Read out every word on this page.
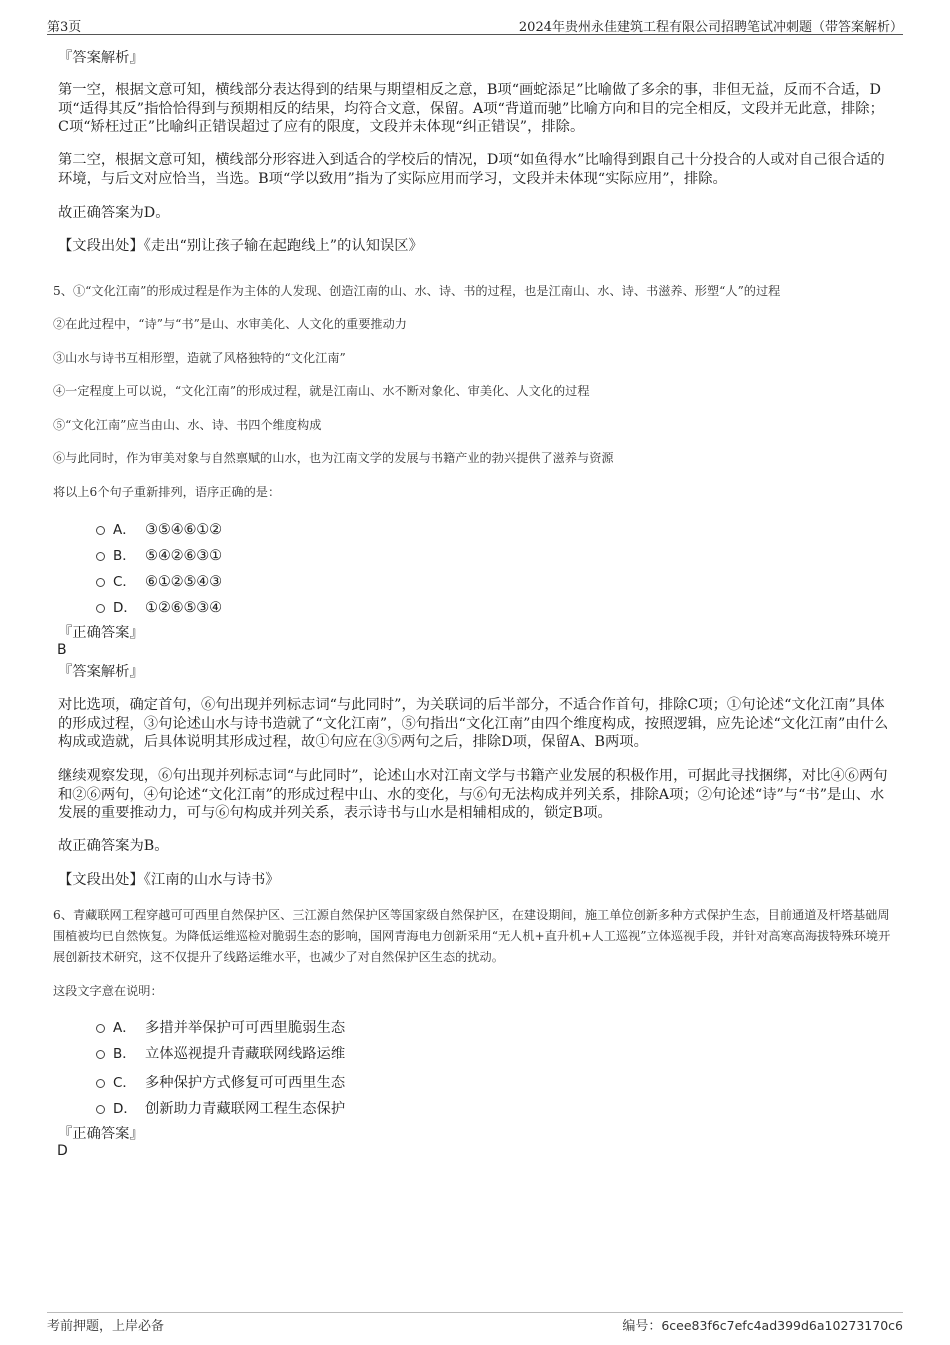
第3页	2024年贵州永佳建筑工程有限公司招聘笔试冲刺题（带答案解析）

『答案解析』

第一空，根据文意可知，横线部分表达得到的结果与期望相反之意，B项“画蛇添足”比喻做了多余的事，非但无益，反而不合适，D项“适得其反”指恰恰得到与预期相反的结果，均符合文意，保留。A项“背道而驰”比喻方向和目的完全相反，文段并无此意，排除；C项“矫枉过正”比喻纠正错误超过了应有的限度，文段并未体现“纠正错误”，排除。

第二空，根据文意可知，横线部分形容进入到适合的学校后的情况，D项“如鱼得水”比喻得到跟自己十分投合的人或对自己很合适的环境，与后文对应恰当，当选。B项“学以致用”指为了实际应用而学习，文段并未体现“实际应用”，排除。

故正确答案为D。

【文段出处】《走出“别让孩子输在起跑线上”的认知误区》

5、①“文化江南”的形成过程是作为主体的人发现、创造江南的山、水、诗、书的过程，也是江南山、水、诗、书滋养、形塑“人”的过程

②在此过程中，“诗”与“书”是山、水审美化、人文化的重要推动力

③山水与诗书互相形塑，造就了风格独特的“文化江南”

④一定程度上可以说，“文化江南”的形成过程，就是江南山、水不断对象化、审美化、人文化的过程

⑤“文化江南”应当由山、水、诗、书四个维度构成

⑥与此同时，作为审美对象与自然禀赋的山水，也为江南文学的发展与书籍产业的勃兴提供了滋养与资源

将以上6个句子重新排列，语序正确的是：

A． ③⑤④⑥①②
B． ⑤④②⑥③①
C． ⑥①②⑤④③
D． ①②⑥⑤③④

『正确答案』

B

『答案解析』

对比选项，确定首句，⑥句出现并列标志词“与此同时”，为关联词的后半部分，不适合作首句，排除C项；①句论述“文化江南”具体的形成过程，③句论述山水与诗书造就了“文化江南”，⑤句指出“文化江南”由四个维度构成，按照逻辑，应先论述“文化江南”由什么构成或造就，后具体说明其形成过程，故①句应在③⑤两句之后，排除D项，保留A、B两项。

继续观察发现，⑥句出现并列标志词“与此同时”，论述山水对江南文学与书籍产业发展的积极作用，可据此寻找捆绑，对比④⑥两句和②⑥两句，④句论述“文化江南”的形成过程中山、水的变化，与⑥句无法构成并列关系，排除A项；②句论述“诗”与“书”是山、水发展的重要推动力，可与⑥句构成并列关系，表示诗书与山水是相辅相成的，锁定B项。

故正确答案为B。

【文段出处】《江南的山水与诗书》

6、青藏联网工程穿越可可西里自然保护区、三江源自然保护区等国家级自然保护区，在建设期间，施工单位创新多种方式保护生态，目前通道及杆塔基础周围植被均已自然恢复。为降低运维巡检对脆弱生态的影响，国网青海电力创新采用“无人机+直升机+人工巡视”立体巡视手段，并针对高寒高海拔特殊环境开展创新技术研究，这不仅提升了线路运维水平，也减少了对自然保护区生态的扰动。

这段文字意在说明：

A． 多措并举保护可可西里脆弱生态
B． 立体巡视提升青藏联网线路运维
C． 多种保护方式修复可可西里生态
D． 创新助力青藏联网工程生态保护

『正确答案』

D
考前押题，上岸必备	编号：6cee83f6c7efc4ad399d6a10273170c6
